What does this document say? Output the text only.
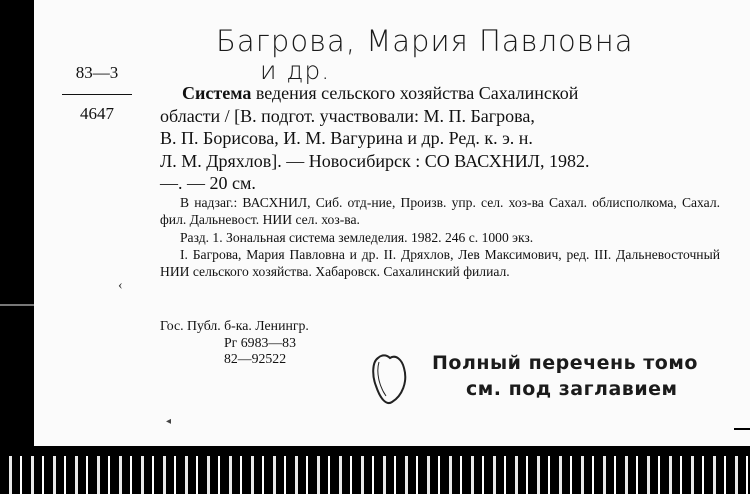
Багрова, Мария Павловна
и др.
83—3
4647
Система ведения сельского хозяйства Сахалинской
области / [В. подгот. участвовали: М. П. Багрова,
В. П. Борисова, И. М. Вагурина и др. Ред. к. э. н.
Л. М. Дряхлов]. — Новосибирск : СО ВАСХНИЛ, 1982.
—. — 20 см.

В надзаг.: ВАСХНИЛ, Сиб. отд-ние, Произв. упр. сел. хоз-ва Сахал. облисполкома, Сахал. фил. Дальневост. НИИ сел. хоз-ва.

Разд. 1. Зональная система земледелия. 1982. 246 с. 1000 экз.

I. Багрова, Мария Павловна и др. II. Дряхлов, Лев Максимович, ред. III. Дальневосточный НИИ сельского хозяйства. Хабаровск. Сахалинский филиал.

Гос. Публ. б-ка. Ленингр.
Рг 6983—83
82—92522	Полный перечень томо
см. под заглавием
‹
◂
